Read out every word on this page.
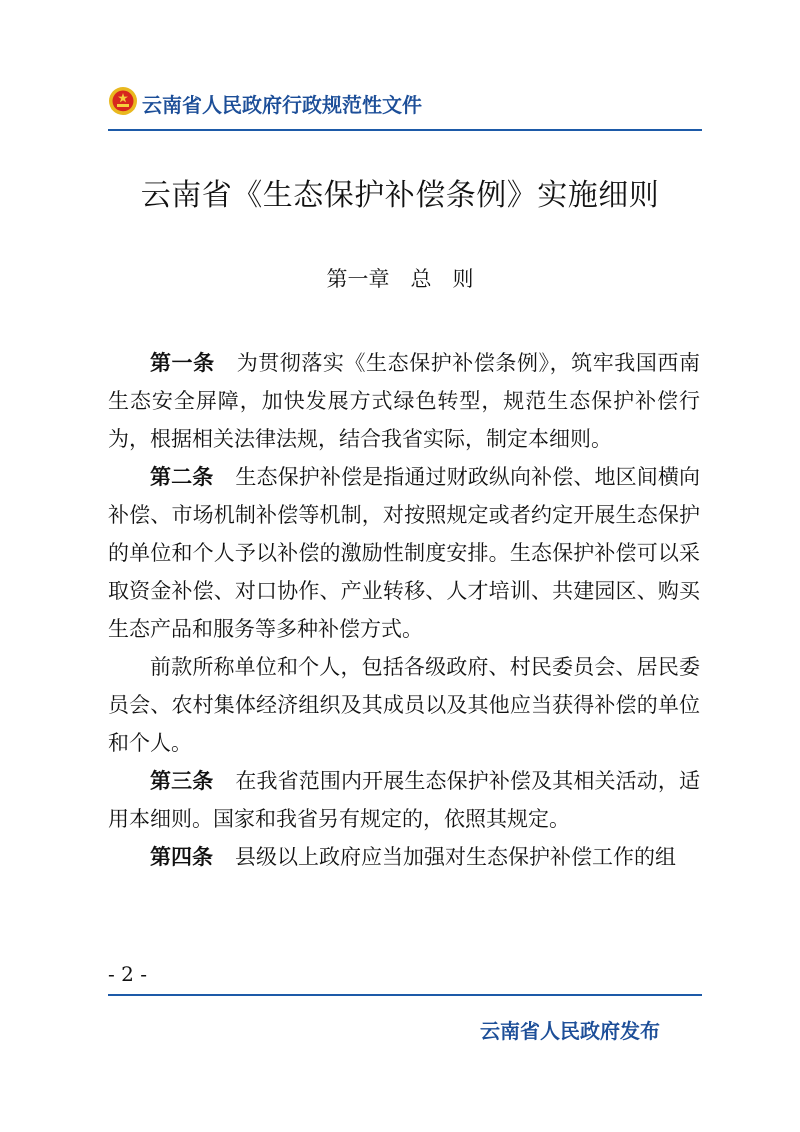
云南省人民政府行政规范性文件
云南省《生态保护补偿条例》实施细则
第一章　总　则

第一条 为贯彻落实《生态保护补偿条例》，筑牢我国西南生态安全屏障，加快发展方式绿色转型，规范生态保护补偿行为，根据相关法律法规，结合我省实际，制定本细则。

第二条 生态保护补偿是指通过财政纵向补偿、地区间横向补偿、市场机制补偿等机制，对按照规定或者约定开展生态保护的单位和个人予以补偿的激励性制度安排。生态保护补偿可以采取资金补偿、对口协作、产业转移、人才培训、共建园区、购买生态产品和服务等多种补偿方式。

前款所称单位和个人，包括各级政府、村民委员会、居民委员会、农村集体经济组织及其成员以及其他应当获得补偿的单位和个人。

第三条 在我省范围内开展生态保护补偿及其相关活动，适用本细则。国家和我省另有规定的，依照其规定。

第四条 县级以上政府应当加强对生态保护补偿工作的组

- 2 -
云南省人民政府发布
